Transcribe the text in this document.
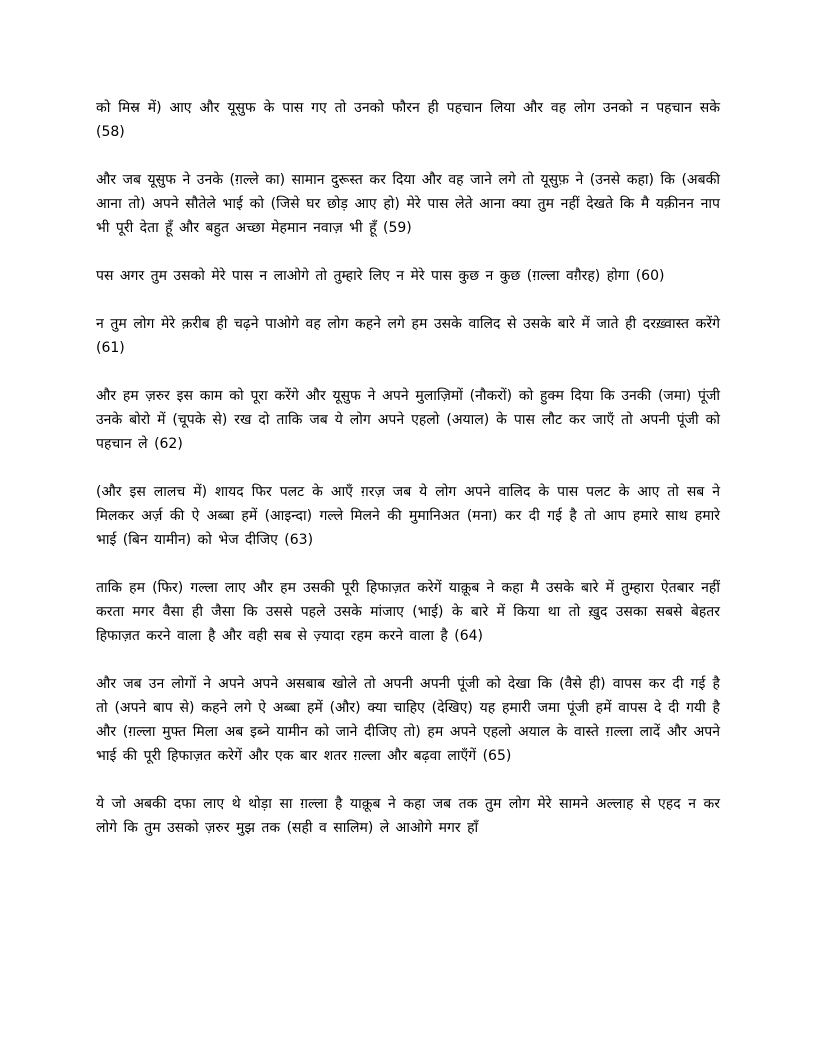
को मिस्र में) आए और यूसुफ के पास गए तो उनको फौरन ही पहचान लिया और वह लोग उनको न पहचान सके (58)

और जब यूसुफ ने उनके (ग़ल्ले का) सामान दुरूस्त कर दिया और वह जाने लगे तो यूसुफ़ ने (उनसे कहा) कि (अबकी आना तो) अपने सौतेले भाई को (जिसे घर छोड़ आए हो) मेरे पास लेते आना क्या तुम नहीं देखते कि मै यक़ीनन नाप भी पूरी देता हूँ और बहुत अच्छा मेहमान नवाज़ भी हूँ (59)

पस अगर तुम उसको मेरे पास न लाओगे तो तुम्हारे लिए न मेरे पास कुछ न कुछ (ग़ल्ला वग़ैरह) होगा (60)

न तुम लोग मेरे क़रीब ही चढ़ने पाओगे वह लोग कहने लगे हम उसके वालिद से उसके बारे में जाते ही दरख़्वास्त करेंगे (61)

और हम ज़रुर इस काम को पूरा करेंगे और यूसुफ ने अपने मुलाज़िमों (नौकरों) को हुक्म दिया कि उनकी (जमा) पूंजी उनके बोरो में (चूपके से) रख दो ताकि जब ये लोग अपने एहलो (अयाल) के पास लौट कर जाएँ तो अपनी पूंजी को पहचान ले (62)

(और इस लालच में) शायद फिर पलट के आएँ ग़रज़ जब ये लोग अपने वालिद के पास पलट के आए तो सब ने मिलकर अर्ज़ की ऐ अब्बा हमें (आइन्दा) गल्ले मिलने की मुमानिअत (मना) कर दी गई है तो आप हमारे साथ हमारे भाई (बिन यामीन) को भेज दीजिए (63)

ताकि हम (फिर) गल्ला लाए और हम उसकी पूरी हिफाज़त करेगें याक़ूब ने कहा मै उसके बारे में तुम्हारा ऐतबार नहीं करता मगर वैसा ही जैसा कि उससे पहले उसके मांजाए (भाई) के बारे में किया था तो ख़ुद उसका सबसे बेहतर हिफाज़त करने वाला है और वही सब से ज़्यादा रहम करने वाला है (64)

और जब उन लोगों ने अपने अपने असबाब खोले तो अपनी अपनी पूंजी को देखा कि (वैसे ही) वापस कर दी गई है तो (अपने बाप से) कहने लगे ऐ अब्बा हमें (और) क्या चाहिए (देखिए) यह हमारी जमा पूंजी हमें वापस दे दी गयी है और (ग़ल्ला मुफ्त मिला अब इब्ने यामीन को जाने दीजिए तो) हम अपने एहलो अयाल के वास्ते ग़ल्ला लादें और अपने भाई की पूरी हिफाज़त करेगें और एक बार शतर ग़ल्ला और बढ़वा लाएँगें (65)

ये जो अबकी दफा लाए थे थोड़ा सा ग़ल्ला है याक़ूब ने कहा जब तक तुम लोग मेरे सामने अल्लाह से एहद न कर लोगे कि तुम उसको ज़रुर मुझ तक (सही व सालिम) ले आओगे मगर हाँ
